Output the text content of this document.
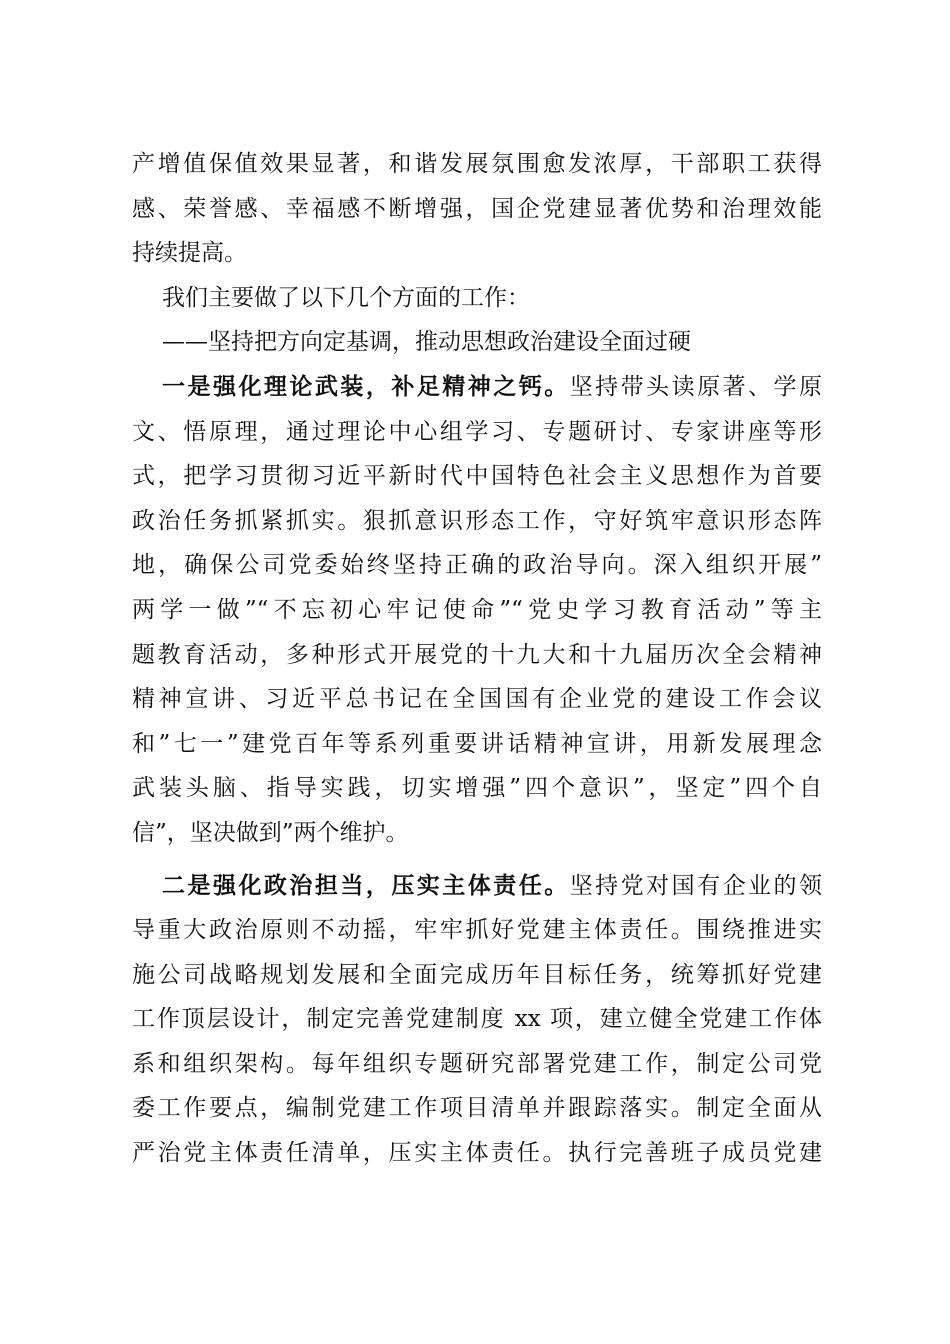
产增值保值效果显著，和谐发展氛围愈发浓厚，干部职工获得
感、荣誉感、幸福感不断增强，国企党建显著优势和治理效能
持续提高。
我们主要做了以下几个方面的工作：
——坚持把方向定基调，推动思想政治建设全面过硬
一是强化理论武装，补足精神之钙。坚持带头读原著、学原
文、悟原理，通过理论中心组学习、专题研讨、专家讲座等形
式，把学习贯彻习近平新时代中国特色社会主义思想作为首要
政治任务抓紧抓实。狠抓意识形态工作，守好筑牢意识形态阵
地，确保公司党委始终坚持正确的政治导向。深入组织开展”
两学一做”“不忘初心牢记使命”“党史学习教育活动”等主
题教育活动，多种形式开展党的十九大和十九届历次全会精神
精神宣讲、习近平总书记在全国国有企业党的建设工作会议
和”七一”建党百年等系列重要讲话精神宣讲，用新发展理念
武装头脑、指导实践，切实增强”四个意识”，坚定”四个自
信”，坚决做到”两个维护。
二是强化政治担当，压实主体责任。坚持党对国有企业的领
导重大政治原则不动摇，牢牢抓好党建主体责任。围绕推进实
施公司战略规划发展和全面完成历年目标任务，统筹抓好党建
工作顶层设计，制定完善党建制度 xx 项，建立健全党建工作体
系和组织架构。每年组织专题研究部署党建工作，制定公司党
委工作要点，编制党建工作项目清单并跟踪落实。制定全面从
严治党主体责任清单，压实主体责任。执行完善班子成员党建
